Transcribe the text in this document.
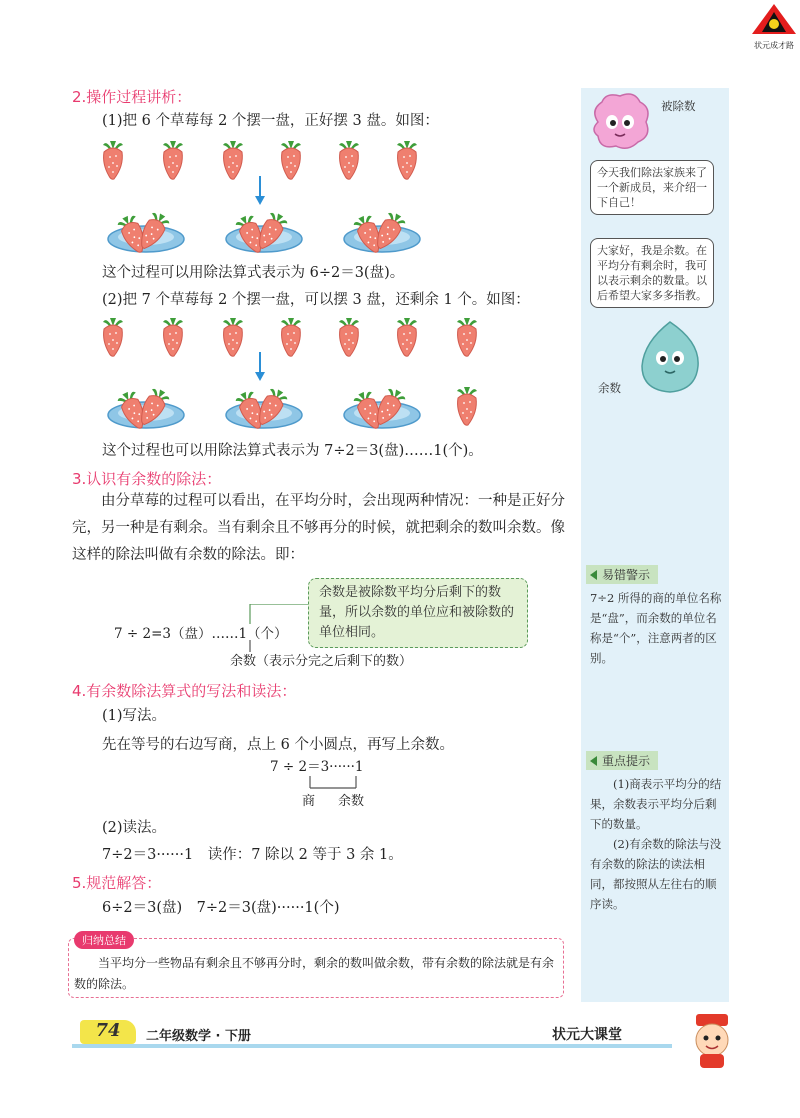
状元成才路
被除数
今天我们除法家族来了一个新成员，来介绍一下自己！
大家好，我是余数。在平均分有剩余时，我可以表示剩余的数量。以后希望大家多多指教。
余数
易错警示
7÷2 所得的商的单位名称是“盘”，而余数的单位名称是“个”，注意两者的区别。
重点提示
(1)商表示平均分的结果，余数表示平均分后剩下的数量。
(2)有余数的除法与没有余数的除法的读法相同，都按照从左往右的顺序读。
2.操作过程讲析：
(1)把 6 个草莓每 2 个摆一盘，正好摆 3 盘。如图：
这个过程可以用除法算式表示为 6÷2＝3(盘)。
(2)把 7 个草莓每 2 个摆一盘，可以摆 3 盘，还剩余 1 个。如图：
这个过程也可以用除法算式表示为 7÷2＝3(盘)……1(个)。
3.认识有余数的除法：
由分草莓的过程可以看出，在平均分时，会出现两种情况：一种是正好分完，另一种是有剩余。当有剩余且不够再分的时候，就把剩余的数叫余数。像这样的除法叫做有余数的除法。即：
7 ÷ 2=3（盘）……1（个）
余数是被除数平均分后剩下的数量，所以余数的单位应和被除数的单位相同。
余数（表示分完之后剩下的数）
4.有余数除法算式的写法和读法：
(1)写法。
先在等号的右边写商，点上 6 个小圆点，再写上余数。
7 ÷ 2＝3······1
商 余数
(2)读法。
7÷2＝3······1　读作：7 除以 2 等于 3 余 1。
5.规范解答：
6÷2＝3(盘)　7÷2＝3(盘)······1(个)
归纳总结
当平均分一些物品有剩余且不够再分时，剩余的数叫做余数，带有余数的除法就是有余数的除法。
74	二年级数学 · 下册	状元大课堂
